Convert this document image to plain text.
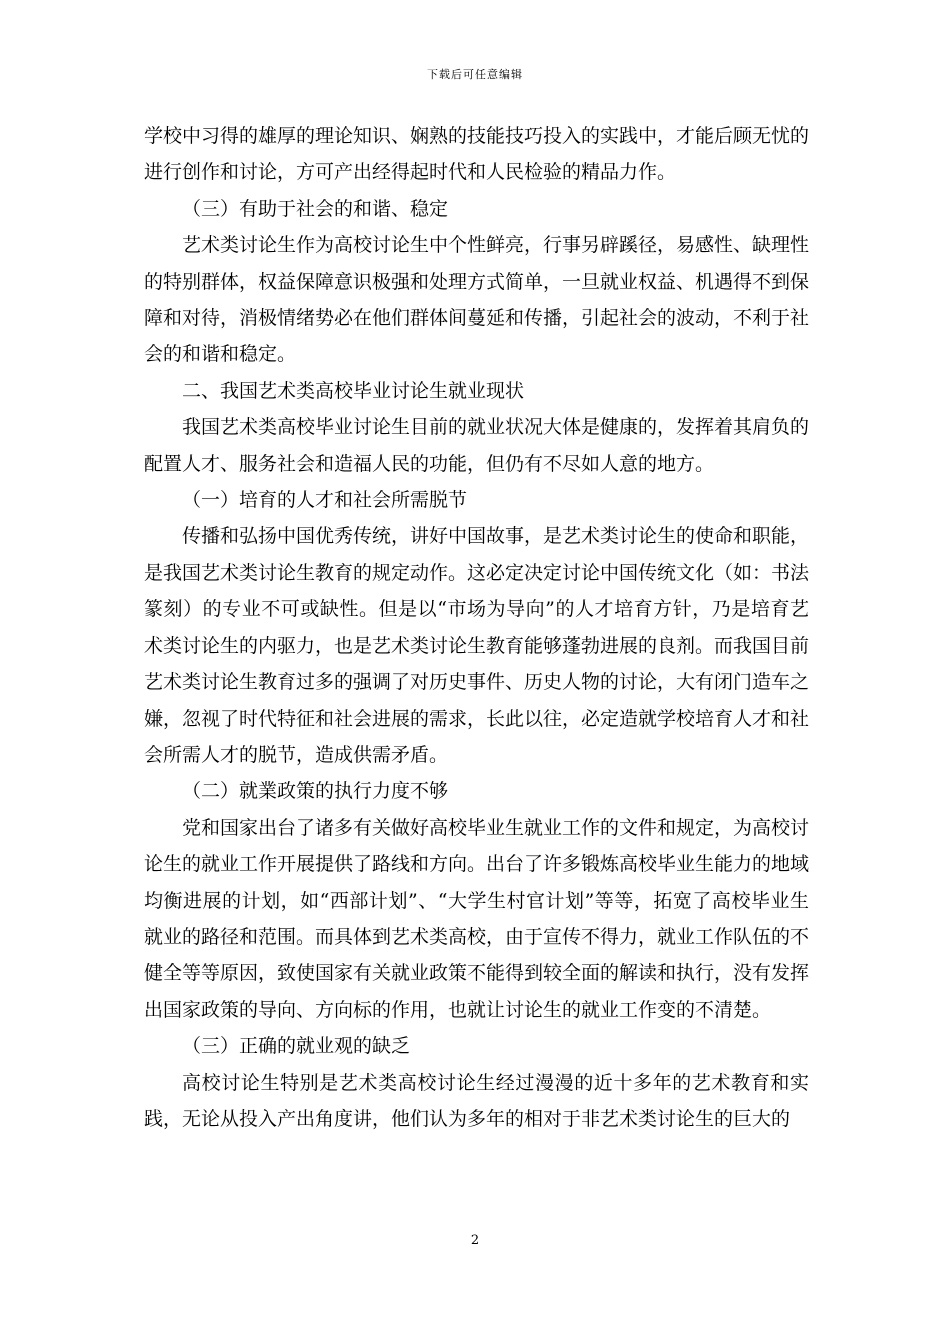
下载后可任意编辑

学校中习得的雄厚的理论知识、娴熟的技能技巧投入的实践中，才能后顾无忧的进行创作和讨论，方可产出经得起时代和人民检验的精品力作。

（三）有助于社会的和谐、稳定

艺术类讨论生作为高校讨论生中个性鲜亮，行事另辟蹊径，易感性、缺理性的特别群体，权益保障意识极强和处理方式简单，一旦就业权益、机遇得不到保障和对待，消极情绪势必在他们群体间蔓延和传播，引起社会的波动，不利于社会的和谐和稳定。

二、我国艺术类高校毕业讨论生就业现状

我国艺术类高校毕业讨论生目前的就业状况大体是健康的，发挥着其肩负的配置人才、服务社会和造福人民的功能，但仍有不尽如人意的地方。

（一）培育的人才和社会所需脱节

传播和弘扬中国优秀传统，讲好中国故事，是艺术类讨论生的使命和职能，是我国艺术类讨论生教育的规定动作。这必定决定讨论中国传统文化（如：书法篆刻）的专业不可或缺性。但是以“市场为导向”的人才培育方针，乃是培育艺术类讨论生的内驱力，也是艺术类讨论生教育能够蓬勃进展的良剂。而我国目前艺术类讨论生教育过多的强调了对历史事件、历史人物的讨论，大有闭门造车之嫌，忽视了时代特征和社会进展的需求，长此以往，必定造就学校培育人才和社会所需人才的脱节，造成供需矛盾。

（二）就業政策的执行力度不够

党和国家出台了诸多有关做好高校毕业生就业工作的文件和规定，为高校讨论生的就业工作开展提供了路线和方向。出台了许多锻炼高校毕业生能力的地域均衡进展的计划，如“西部计划”、“大学生村官计划”等等，拓宽了高校毕业生就业的路径和范围。而具体到艺术类高校，由于宣传不得力，就业工作队伍的不健全等等原因，致使国家有关就业政策不能得到较全面的解读和执行，没有发挥出国家政策的导向、方向标的作用，也就让讨论生的就业工作变的不清楚。

（三）正确的就业观的缺乏

高校讨论生特别是艺术类高校讨论生经过漫漫的近十多年的艺术教育和实践，无论从投入产出角度讲，他们认为多年的相对于非艺术类讨论生的巨大的

2
